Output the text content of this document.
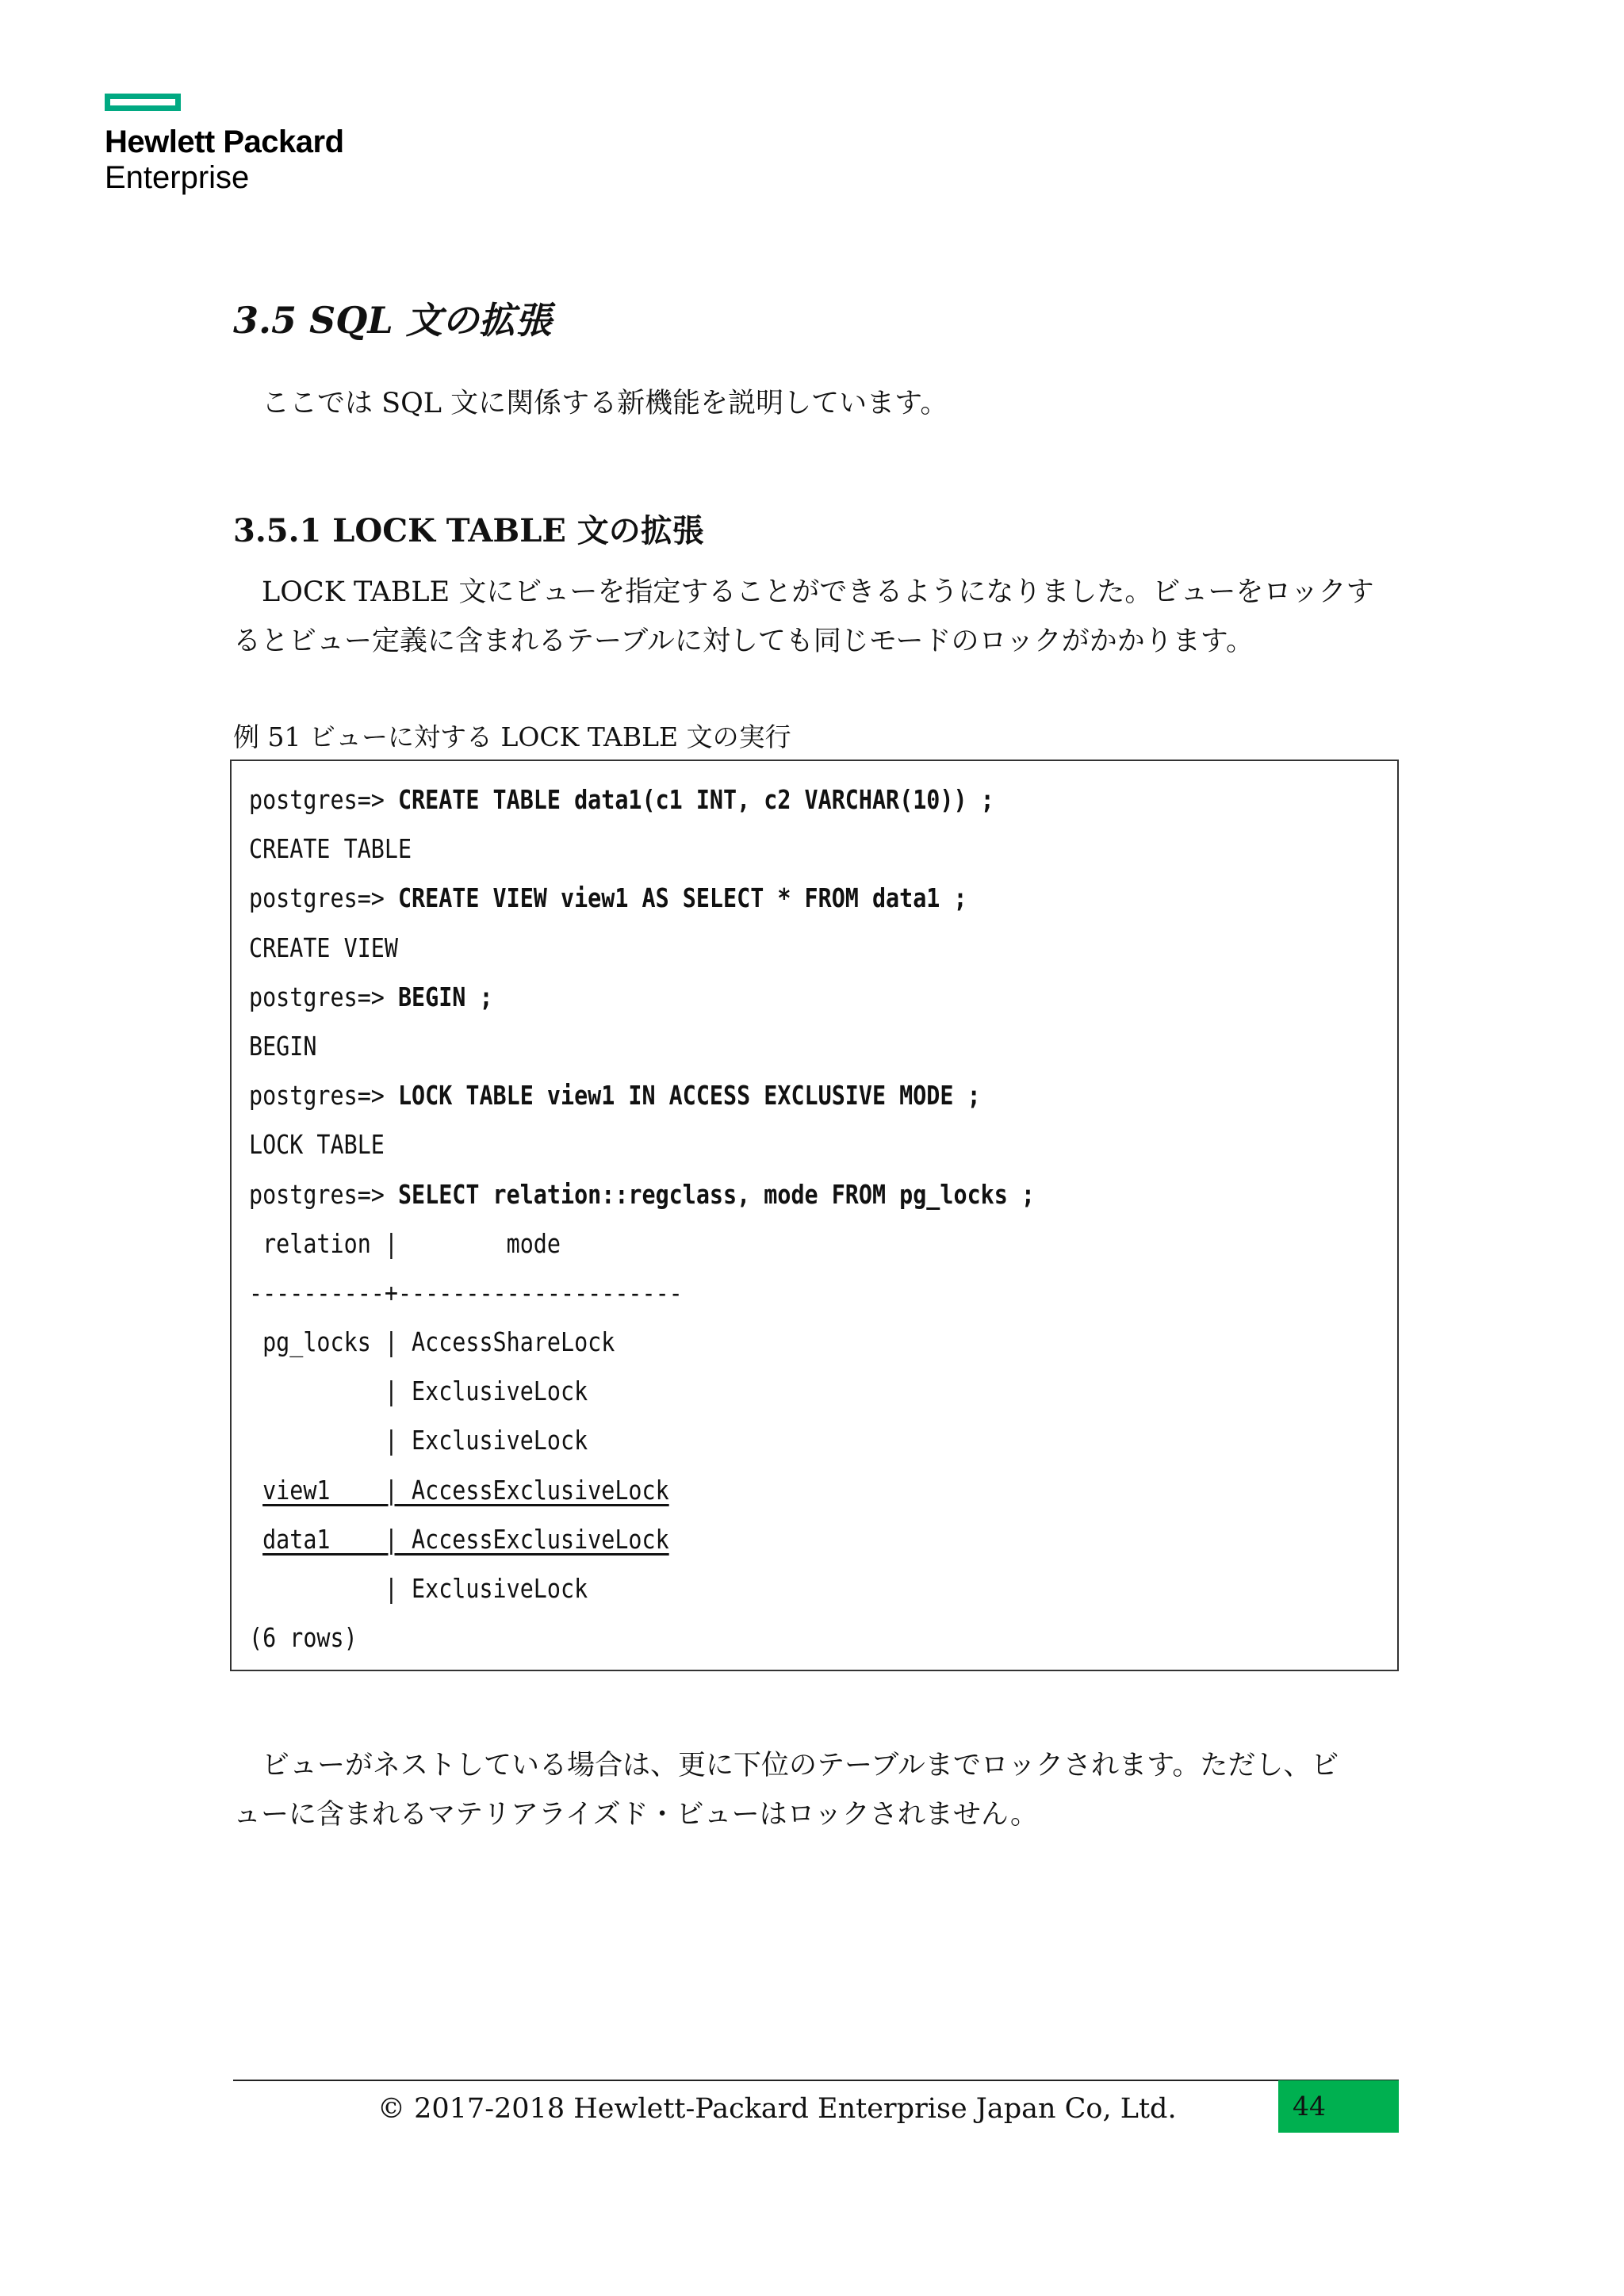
Hewlett Packard
Enterprise
3.5 SQL 文の拡張
ここでは SQL 文に関係する新機能を説明しています。
3.5.1 LOCK TABLE 文の拡張
LOCK TABLE 文にビューを指定することができるようになりました。ビューをロックす
るとビュー定義に含まれるテーブルに対しても同じモードのロックがかかります。
例 51 ビューに対する LOCK TABLE 文の実行
postgres=> CREATE TABLE data1(c1 INT, c2 VARCHAR(10)) ;
CREATE TABLE
postgres=> CREATE VIEW view1 AS SELECT * FROM data1 ;
CREATE VIEW
postgres=> BEGIN ;
BEGIN
postgres=> LOCK TABLE view1 IN ACCESS EXCLUSIVE MODE ;
LOCK TABLE
postgres=> SELECT relation::regclass, mode FROM pg_locks ;
relation |        mode
----------+---------------------
pg_locks | AccessShareLock
| ExclusiveLock
| ExclusiveLock
view1    | AccessExclusiveLock
data1    | AccessExclusiveLock
| ExclusiveLock
(6 rows)
ビューがネストしている場合は、更に下位のテーブルまでロックされます。ただし、ビ
ューに含まれるマテリアライズド・ビューはロックされません。
© 2017-2018 Hewlett-Packard Enterprise Japan Co, Ltd.	44
